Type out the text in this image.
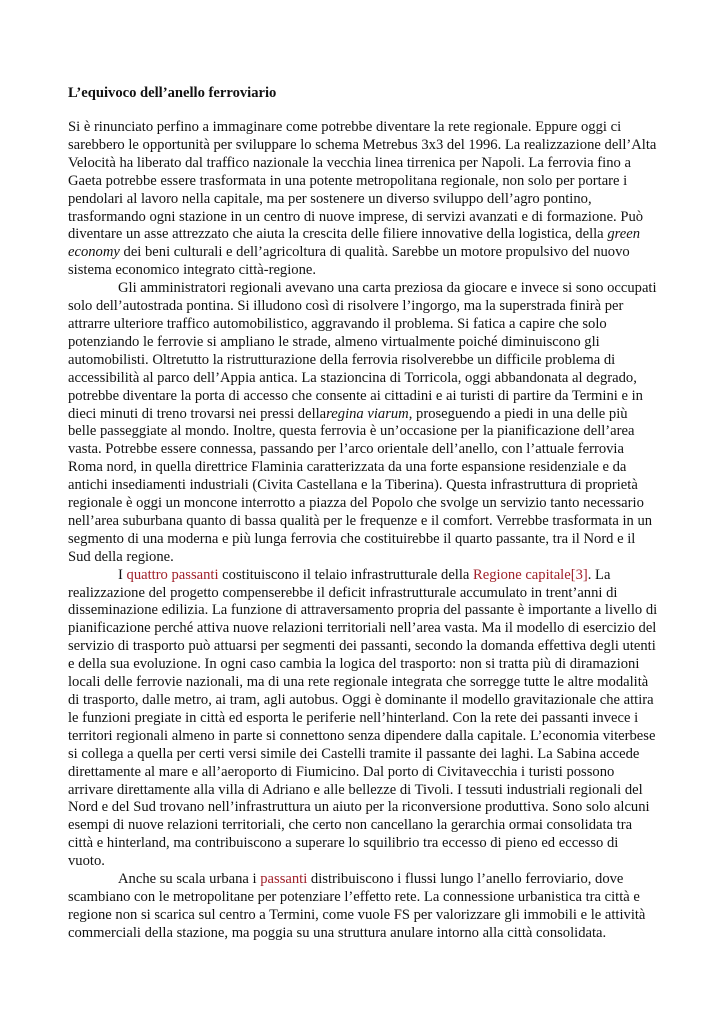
L’equivoco dell’anello ferroviario

Si è rinunciato perfino a immaginare come potrebbe diventare la rete regionale. Eppure oggi ci sarebbero le opportunità per sviluppare lo schema Metrebus 3x3 del 1996. La realizzazione dell’Alta Velocità ha liberato dal traffico nazionale la vecchia linea tirrenica per Napoli. La ferrovia fino a Gaeta potrebbe essere trasformata in una potente metropolitana regionale, non solo per portare i pendolari al lavoro nella capitale, ma per sostenere un diverso sviluppo dell’agro pontino, trasformando ogni stazione in un centro di nuove imprese, di servizi avanzati e di formazione. Può diventare un asse attrezzato che aiuta la crescita delle filiere innovative della logistica, della green economy dei beni culturali e dell’agricoltura di qualità. Sarebbe un motore propulsivo del nuovo sistema economico integrato città-regione.

Gli amministratori regionali avevano una carta preziosa da giocare e invece si sono occupati solo dell’autostrada pontina. Si illudono così di risolvere l’ingorgo, ma la superstrada finirà per attrarre ulteriore traffico automobilistico, aggravando il problema. Si fatica a capire che solo potenziando le ferrovie si ampliano le strade, almeno virtualmente poiché diminuiscono gli automobilisti. Oltretutto la ristrutturazione della ferrovia risolverebbe un difficile problema di accessibilità al parco dell’Appia antica. La stazioncina di Torricola, oggi abbandonata al degrado, potrebbe diventare la porta di accesso che consente ai cittadini e ai turisti di partire da Termini e in dieci minuti di treno trovarsi nei pressi dellaregina viarum, proseguendo a piedi in una delle più belle passeggiate al mondo. Inoltre, questa ferrovia è un’occasione per la pianificazione dell’area vasta. Potrebbe essere connessa, passando per l’arco orientale dell’anello, con l’attuale ferrovia Roma nord, in quella direttrice Flaminia caratterizzata da una forte espansione residenziale e da antichi insediamenti industriali (Civita Castellana e la Tiberina). Questa infrastruttura di proprietà regionale è oggi un moncone interrotto a piazza del Popolo che svolge un servizio tanto necessario nell’area suburbana quanto di bassa qualità per le frequenze e il comfort. Verrebbe trasformata in un segmento di una moderna e più lunga ferrovia che costituirebbe il quarto passante, tra il Nord e il Sud della regione.

I quattro passanti costituiscono il telaio infrastrutturale della Regione capitale[3]. La realizzazione del progetto compenserebbe il deficit infrastrutturale accumulato in trent’anni di disseminazione edilizia. La funzione di attraversamento propria del passante è importante a livello di pianificazione perché attiva nuove relazioni territoriali nell’area vasta. Ma il modello di esercizio del servizio di trasporto può attuarsi per segmenti dei passanti, secondo la domanda effettiva degli utenti e della sua evoluzione. In ogni caso cambia la logica del trasporto: non si tratta più di diramazioni locali delle ferrovie nazionali, ma di una rete regionale integrata che sorregge tutte le altre modalità di trasporto, dalle metro, ai tram, agli autobus. Oggi è dominante il modello gravitazionale che attira le funzioni pregiate in città ed esporta le periferie nell’hinterland. Con la rete dei passanti invece i territori regionali almeno in parte si connettono senza dipendere dalla capitale. L’economia viterbese si collega a quella per certi versi simile dei Castelli tramite il passante dei laghi. La Sabina accede direttamente al mare e all’aeroporto di Fiumicino. Dal porto di Civitavecchia i turisti possono arrivare direttamente alla villa di Adriano e alle bellezze di Tivoli. I tessuti industriali regionali del Nord e del Sud trovano nell’infrastruttura un aiuto per la riconversione produttiva. Sono solo alcuni esempi di nuove relazioni territoriali, che certo non cancellano la gerarchia ormai consolidata tra città e hinterland, ma contribuiscono a superare lo squilibrio tra eccesso di pieno ed eccesso di vuoto.

Anche su scala urbana i passanti distribuiscono i flussi lungo l’anello ferroviario, dove scambiano con le metropolitane per potenziare l’effetto rete. La connessione urbanistica tra città e regione non si scarica sul centro a Termini, come vuole FS per valorizzare gli immobili e le attività commerciali della stazione, ma poggia su una struttura anulare intorno alla città consolidata.
